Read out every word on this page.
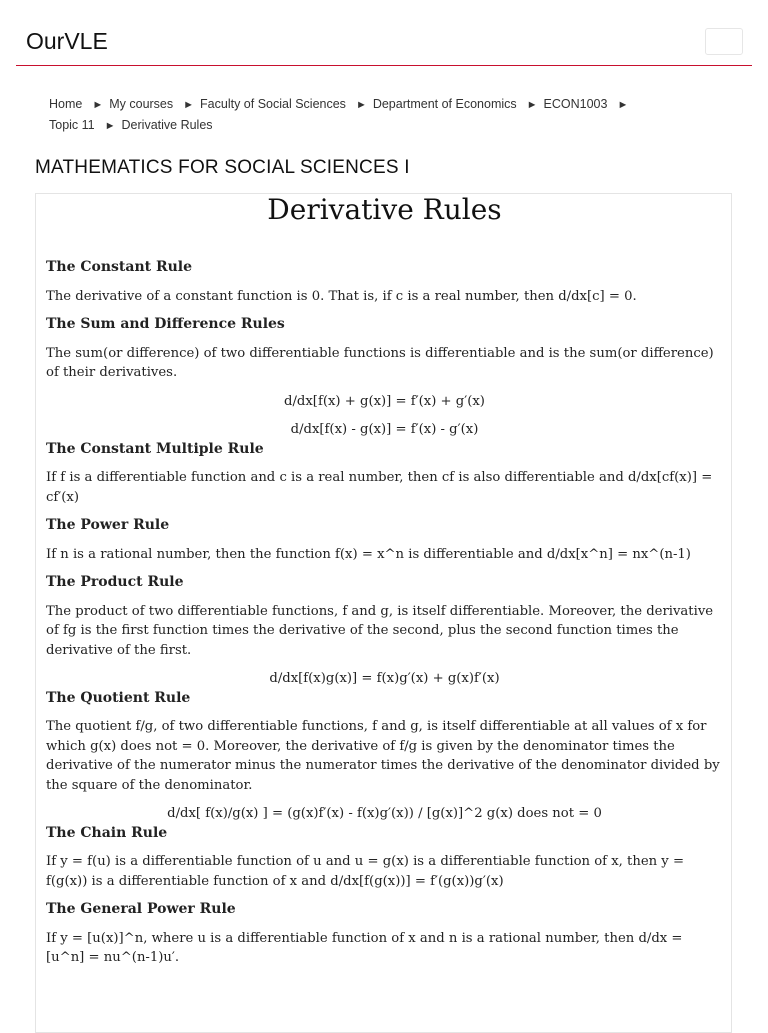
OurVLE
Home ► My courses ► Faculty of Social Sciences ► Department of Economics ► ECON1003 ►
Topic 11 ► Derivative Rules
MATHEMATICS FOR SOCIAL SCIENCES I
Derivative Rules

The Constant Rule

The derivative of a constant function is 0. That is, if c is a real number, then d/dx[c] = 0.

The Sum and Difference Rules

The sum(or difference) of two differentiable functions is differentiable and is the sum(or difference) of their derivatives.

d/dx[f(x) + g(x)] = f′(x) + g′(x)

d/dx[f(x) - g(x)] = f′(x) - g′(x)

The Constant Multiple Rule

If f is a differentiable function and c is a real number, then cf is also differentiable and d/dx[cf(x)] = cf′(x)

The Power Rule

If n is a rational number, then the function f(x) = x^n is differentiable and d/dx[x^n] = nx^(n-1)

The Product Rule

The product of two differentiable functions, f and g, is itself differentiable. Moreover, the derivative of fg is the first function times the derivative of the second, plus the second function times the derivative of the first.

d/dx[f(x)g(x)] = f(x)g′(x) + g(x)f′(x)

The Quotient Rule

The quotient f/g, of two differentiable functions, f and g, is itself differentiable at all values of x for which g(x) does not = 0. Moreover, the derivative of f/g is given by the denominator times the derivative of the numerator minus the numerator times the derivative of the denominator divided by the square of the denominator.

d/dx[ f(x)/g(x) ] = (g(x)f′(x) - f(x)g′(x)) / [g(x)]^2 g(x) does not = 0

The Chain Rule

If y = f(u) is a differentiable function of u and u = g(x) is a differentiable function of x, then y = f(g(x)) is a differentiable function of x and d/dx[f(g(x))] = f′(g(x))g′(x)

The General Power Rule

If y = [u(x)]^n, where u is a differentiable function of x and n is a rational number, then d/dx = [u^n] = nu^(n-1)u′.
